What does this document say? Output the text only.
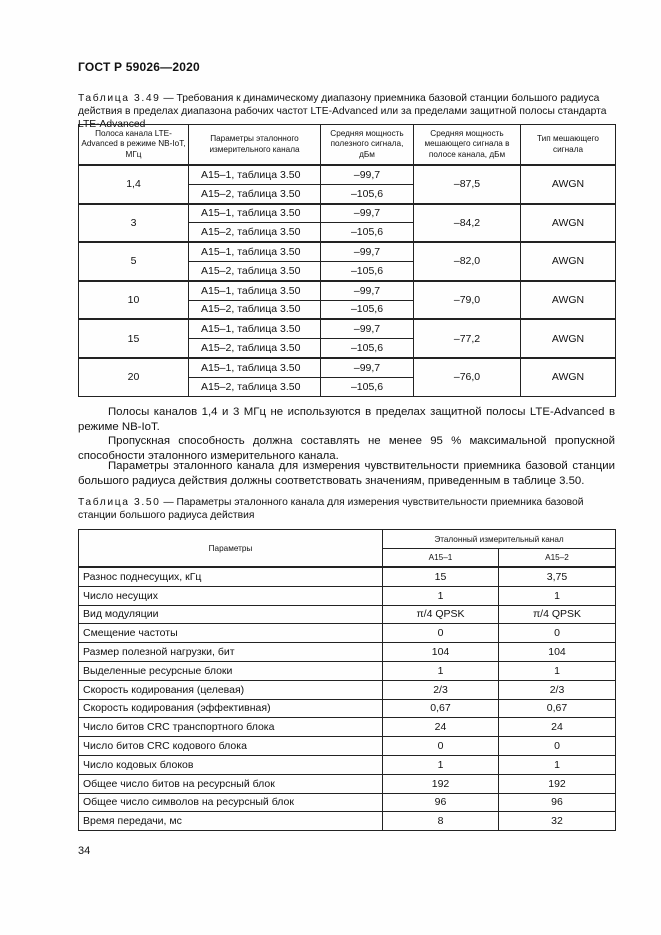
ГОСТ Р 59026—2020
Таблица 3.49 — Требования к динамическому диапазону приемника базовой станции большого радиуса действия в пределах диапазона рабочих частот LTE-Advanced или за пределами защитной полосы стандарта LTE-Advanced
Полоса канала LTE-Advanced в режиме NB-IoT, МГц	Параметры эталонного измерительного канала	Средняя мощность полезного сигнала, дБм	Средняя мощность мешающего сигнала в полосе канала, дБм	Тип мешающего сигнала
1,4	A15–1, таблица 3.50	–99,7	–87,5	AWGN
	A15–2, таблица 3.50	–105,6		
3	A15–1, таблица 3.50	–99,7	–84,2	AWGN
	A15–2, таблица 3.50	–105,6		
5	A15–1, таблица 3.50	–99,7	–82,0	AWGN
	A15–2, таблица 3.50	–105,6		
10	A15–1, таблица 3.50	–99,7	–79,0	AWGN
	A15–2, таблица 3.50	–105,6		
15	A15–1, таблица 3.50	–99,7	–77,2	AWGN
	A15–2, таблица 3.50	–105,6		
20	A15–1, таблица 3.50	–99,7	–76,0	AWGN
	A15–2, таблица 3.50	–105,6		
Полосы каналов 1,4 и 3 МГц не используются в пределах защитной полосы LTE-Advanced в режиме NB-IoT.
Пропускная способность должна составлять не менее 95 % максимальной пропускной способности эталонного измерительного канала.
Параметры эталонного канала для измерения чувствительности приемника базовой станции большого радиуса действия должны соответствовать значениям, приведенным в таблице 3.50.
Таблица 3.50 — Параметры эталонного канала для измерения чувствительности приемника базовой станции большого радиуса действия
Параметры	Эталонный измерительный канал	
	A15–1	A15–2
Разнос поднесущих, кГц	15	3,75
Число несущих	1	1
Вид модуляции	π/4 QPSK	π/4 QPSK
Смещение частоты	0	0
Размер полезной нагрузки, бит	104	104
Выделенные ресурсные блоки	1	1
Скорость кодирования (целевая)	2/3	2/3
Скорость кодирования (эффективная)	0,67	0,67
Число битов CRC транспортного блока	24	24
Число битов CRC кодового блока	0	0
Число кодовых блоков	1	1
Общее число битов на ресурсный блок	192	192
Общее число символов на ресурсный блок	96	96
Время передачи, мс	8	32
34
